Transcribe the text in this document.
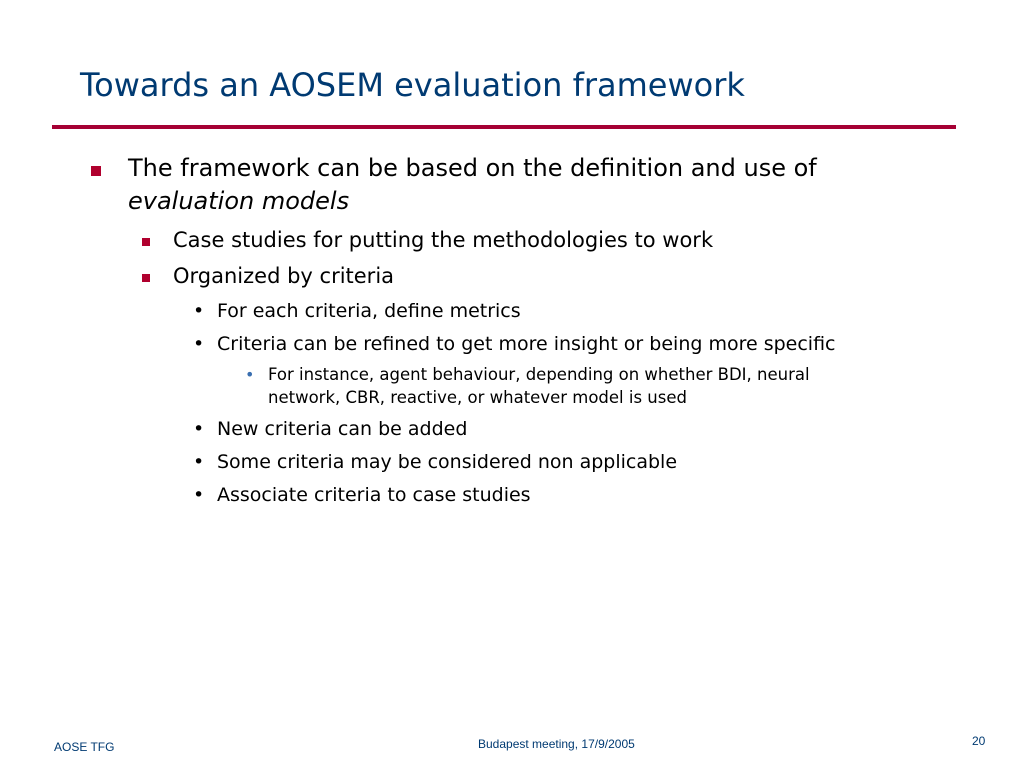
Towards an AOSEM evaluation framework
The framework can be based on the definition and use of
evaluation models
Case studies for putting the methodologies to work
Organized by criteria
• For each criteria, define metrics
• Criteria can be refined to get more insight or being more specific
• For instance, agent behaviour, depending on whether BDI, neural
network, CBR, reactive, or whatever model is used
• New criteria can be added
• Some criteria may be considered non applicable
• Associate criteria to case studies
AOSE TFG	Budapest meeting, 17/9/2005	20
